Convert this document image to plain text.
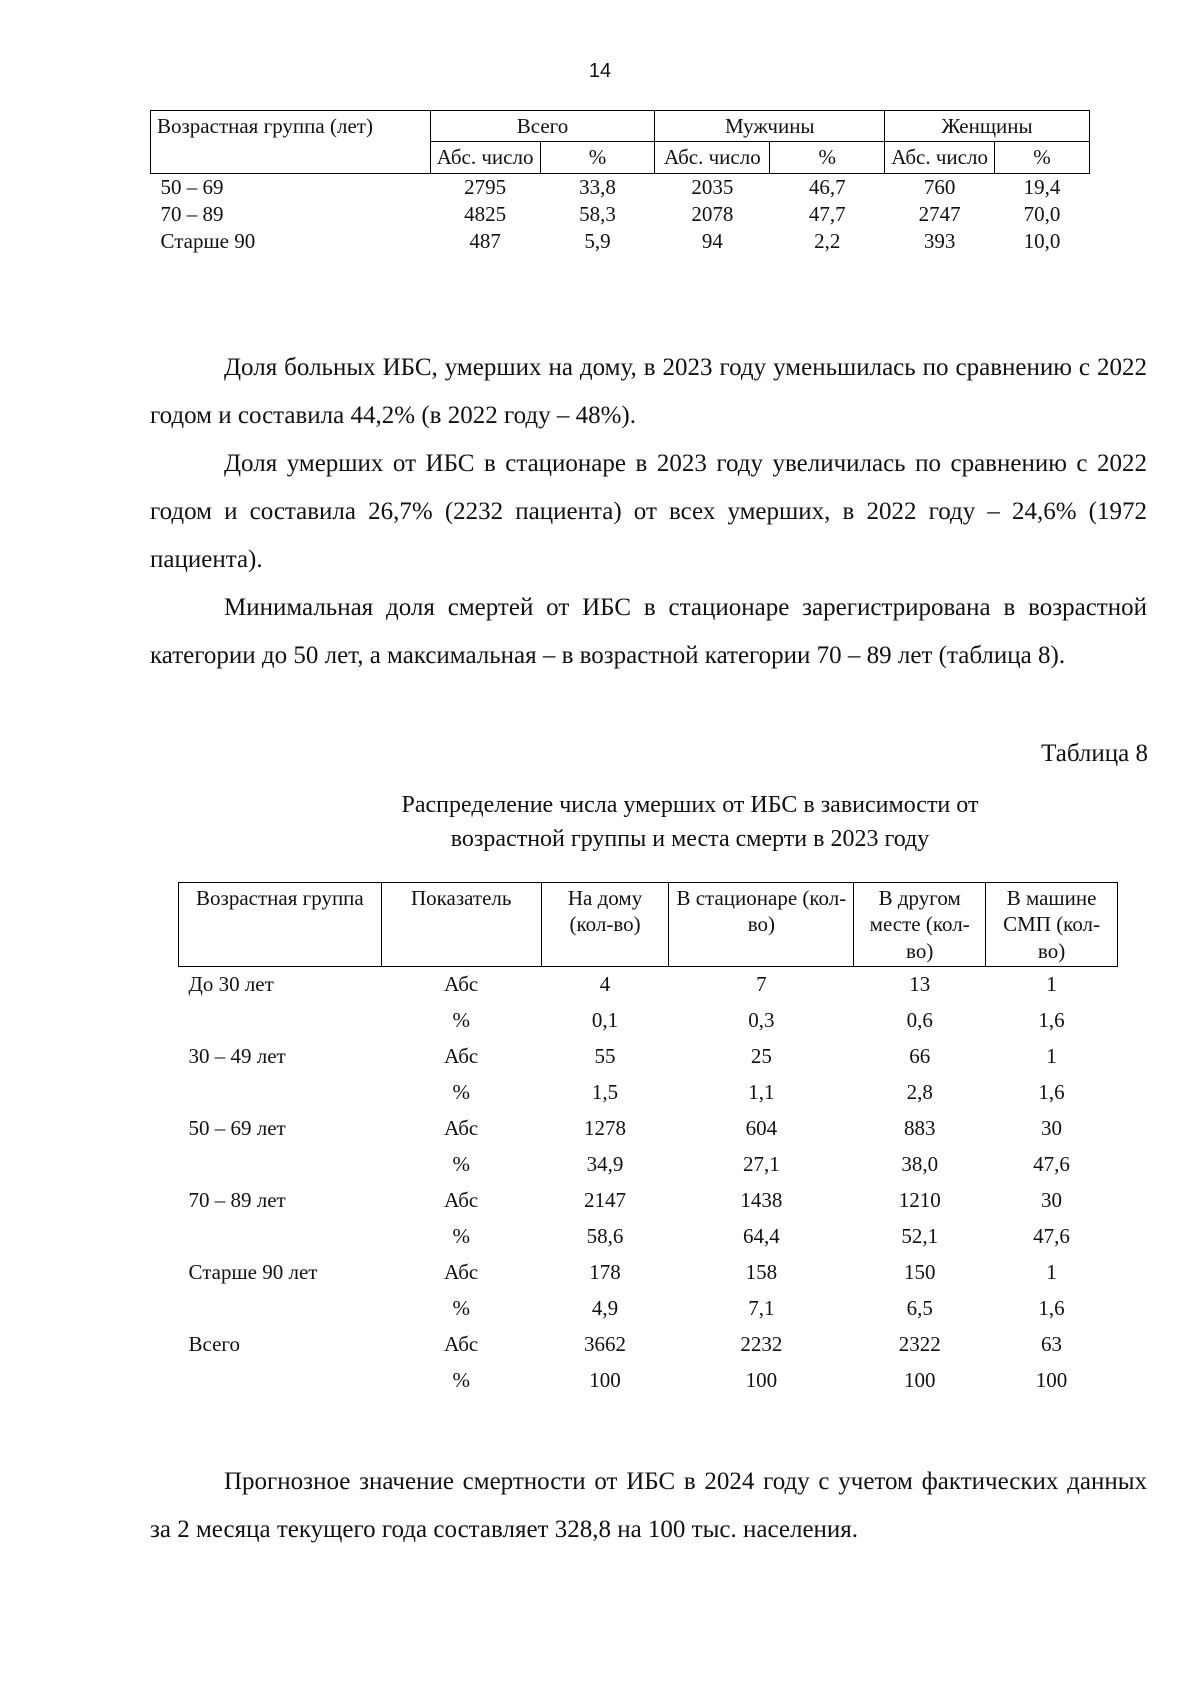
14
Возрастная группа (лет)	Всего		Мужчины		Женщины	
	Абс. число	%	Абс. число	%	Абс. число	%
50 – 69	2795	33,8	2035	46,7	760	19,4
70 – 89	4825	58,3	2078	47,7	2747	70,0
Старше 90	487	5,9	94	2,2	393	10,0

Доля больных ИБС, умерших на дому, в 2023 году уменьшилась по сравнению с 2022 годом и составила 44,2% (в 2022 году – 48%).

Доля умерших от ИБС в стационаре в 2023 году увеличилась по сравнению с 2022 годом и составила 26,7% (2232 пациента) от всех умерших, в 2022 году – 24,6% (1972 пациента).

Минимальная доля смертей от ИБС в стационаре зарегистрирована в возрастной категории до 50 лет, а максимальная – в возрастной категории 70 – 89 лет (таблица 8).

Таблица 8
Распределение числа умерших от ИБС в зависимости от
возрастной группы и места смерти в 2023 году
Возрастная группа	Показатель	На дому (кол-во)	В стационаре (кол-во)	В другом месте (кол-во)	В машине СМП (кол-во)
До 30 лет	Абс	4	7	13	1
	%	0,1	0,3	0,6	1,6
30 – 49 лет	Абс	55	25	66	1
	%	1,5	1,1	2,8	1,6
50 – 69 лет	Абс	1278	604	883	30
	%	34,9	27,1	38,0	47,6
70 – 89 лет	Абс	2147	1438	1210	30
	%	58,6	64,4	52,1	47,6
Старше 90 лет	Абс	178	158	150	1
	%	4,9	7,1	6,5	1,6
Всего	Абс	3662	2232	2322	63
	%	100	100	100	100

Прогнозное значение смертности от ИБС в 2024 году с учетом фактических данных за 2 месяца текущего года составляет 328,8 на 100 тыс. населения.
